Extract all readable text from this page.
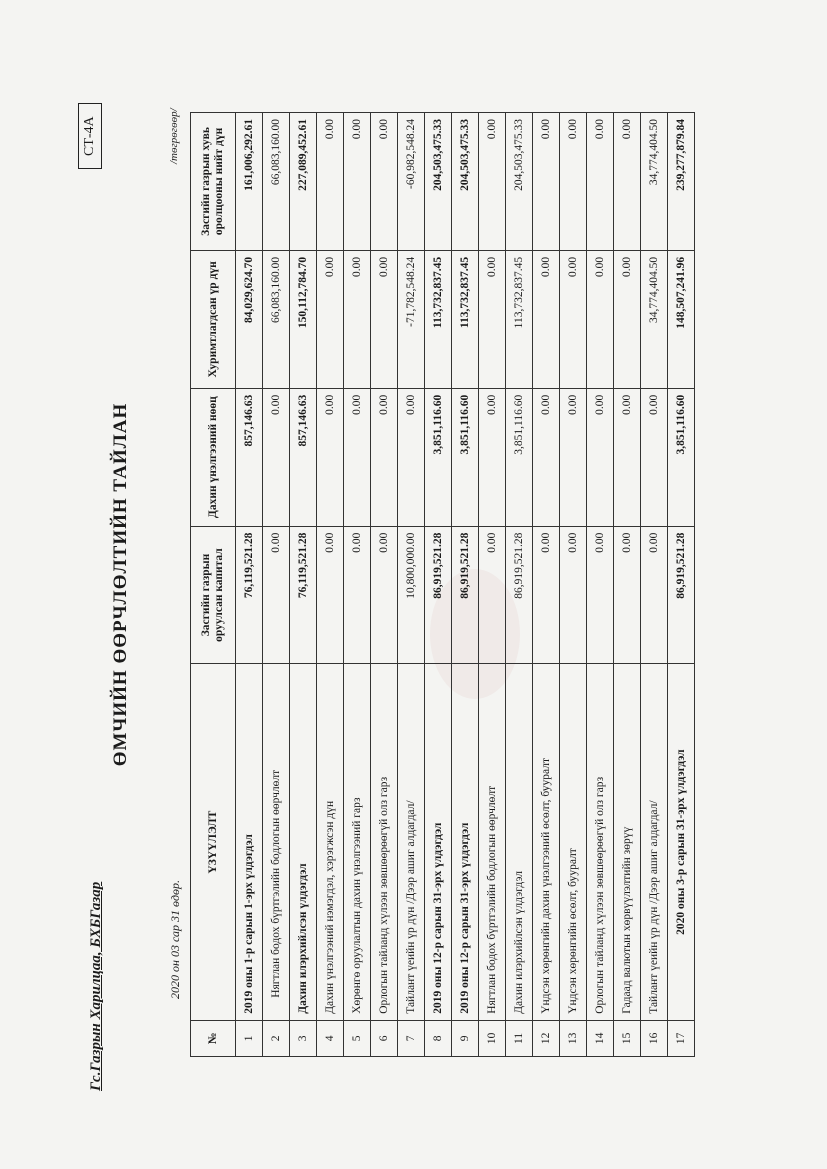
Гс.Газрын Харилцаа, БХБГазар
СТ-4А
ӨМЧИЙН ӨӨРЧЛӨЛТИЙН ТАЙЛАН
2020 он 03 сар 31 өдөр.
/төгрөгөөр/
№	ҮЗҮҮЛЭЛТ	Засгийн газрын оруулсан капитал	Дахин үнэлгээний нөөц	Хуримтлагдсан үр дүн	Засгийн газрын хувь оролцооны нийт дүн
1	2019 оны 1-р сарын 1-эрх үлдэгдэл	76,119,521.28	857,146.63	84,029,624.70	161,006,292.61
2	Нягтлан бодох бүртгэлийн бодлогын өөрчлөлт	0.00	0.00	66,083,160.00	66,083,160.00
3	Дахин илэрхийлсэн үлдэгдэл	76,119,521.28	857,146.63	150,112,784.70	227,089,452.61
4	Дахин үнэлгээний нэмэгдэл, хэрэгжсэн дүн	0.00	0.00	0.00	0.00
5	Хөрөнгө оруулалтын дахин үнэлгээний гарз	0.00	0.00	0.00	0.00
6	Орлогын тайланд хүлээн зөвшөөрөөгүй олз гарз	0.00	0.00	0.00	0.00
7	Тайлант үеийн үр дүн /Дээр ашиг алдагдал/	10,800,000.00	0.00	-71,782,548.24	-60,982,548.24
8	2019 оны 12-р сарын 31-эрх үлдэгдэл	86,919,521.28	3,851,116.60	113,732,837.45	204,503,475.33
9	2019 оны 12-р сарын 31-эрх үлдэгдэл	86,919,521.28	3,851,116.60	113,732,837.45	204,503,475.33
10	Нягтлан бодох бүртгэлийн бодлогын өөрчлөлт	0.00	0.00	0.00	0.00
11	Дахин илэрхийлсэн үлдэгдэл	86,919,521.28	3,851,116.60	113,732,837.45	204,503,475.33
12	Үндсэн хөрөнгийн дахин үнэлгээний өсөлт, бууралт	0.00	0.00	0.00	0.00
13	Үндсэн хөрөнгийн өсөлт, бууралт	0.00	0.00	0.00	0.00
14	Орлогын тайланд хүлээн зөвшөөрөөгүй олз гарз	0.00	0.00	0.00	0.00
15	Гадаад валютын хөрвүүлэлтийн зөрүү	0.00	0.00	0.00	0.00
16	Тайлант үеийн үр дүн /Дээр ашиг алдагдал/	0.00	0.00	34,774,404.50	34,774,404.50
17	2020 оны 3-р сарын 31-эрх үлдэгдэл	86,919,521.28	3,851,116.60	148,507,241.96	239,277,879.84
